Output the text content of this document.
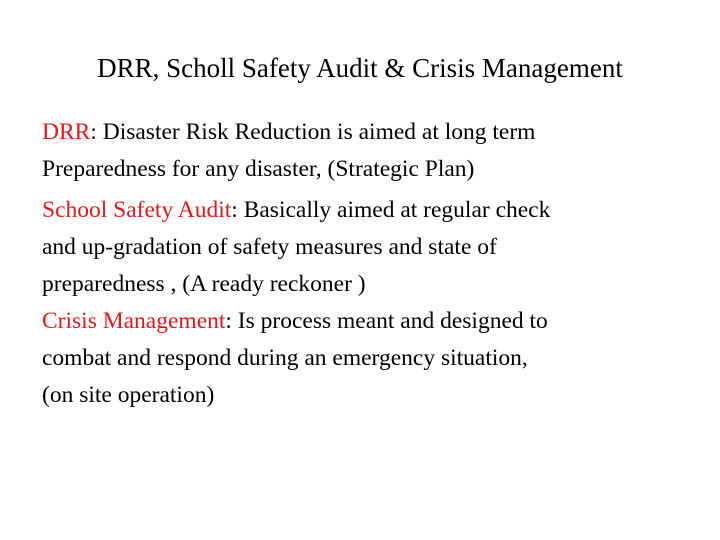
DRR, Scholl Safety Audit & Crisis Management
DRR: Disaster Risk Reduction is aimed at long term
Preparedness for any disaster, (Strategic Plan)
School Safety Audit: Basically aimed at regular check
and up-gradation of safety measures and state of
preparedness , (A ready reckoner )
Crisis Management: Is process meant and designed to
combat and respond during an emergency situation,
(on site operation)
